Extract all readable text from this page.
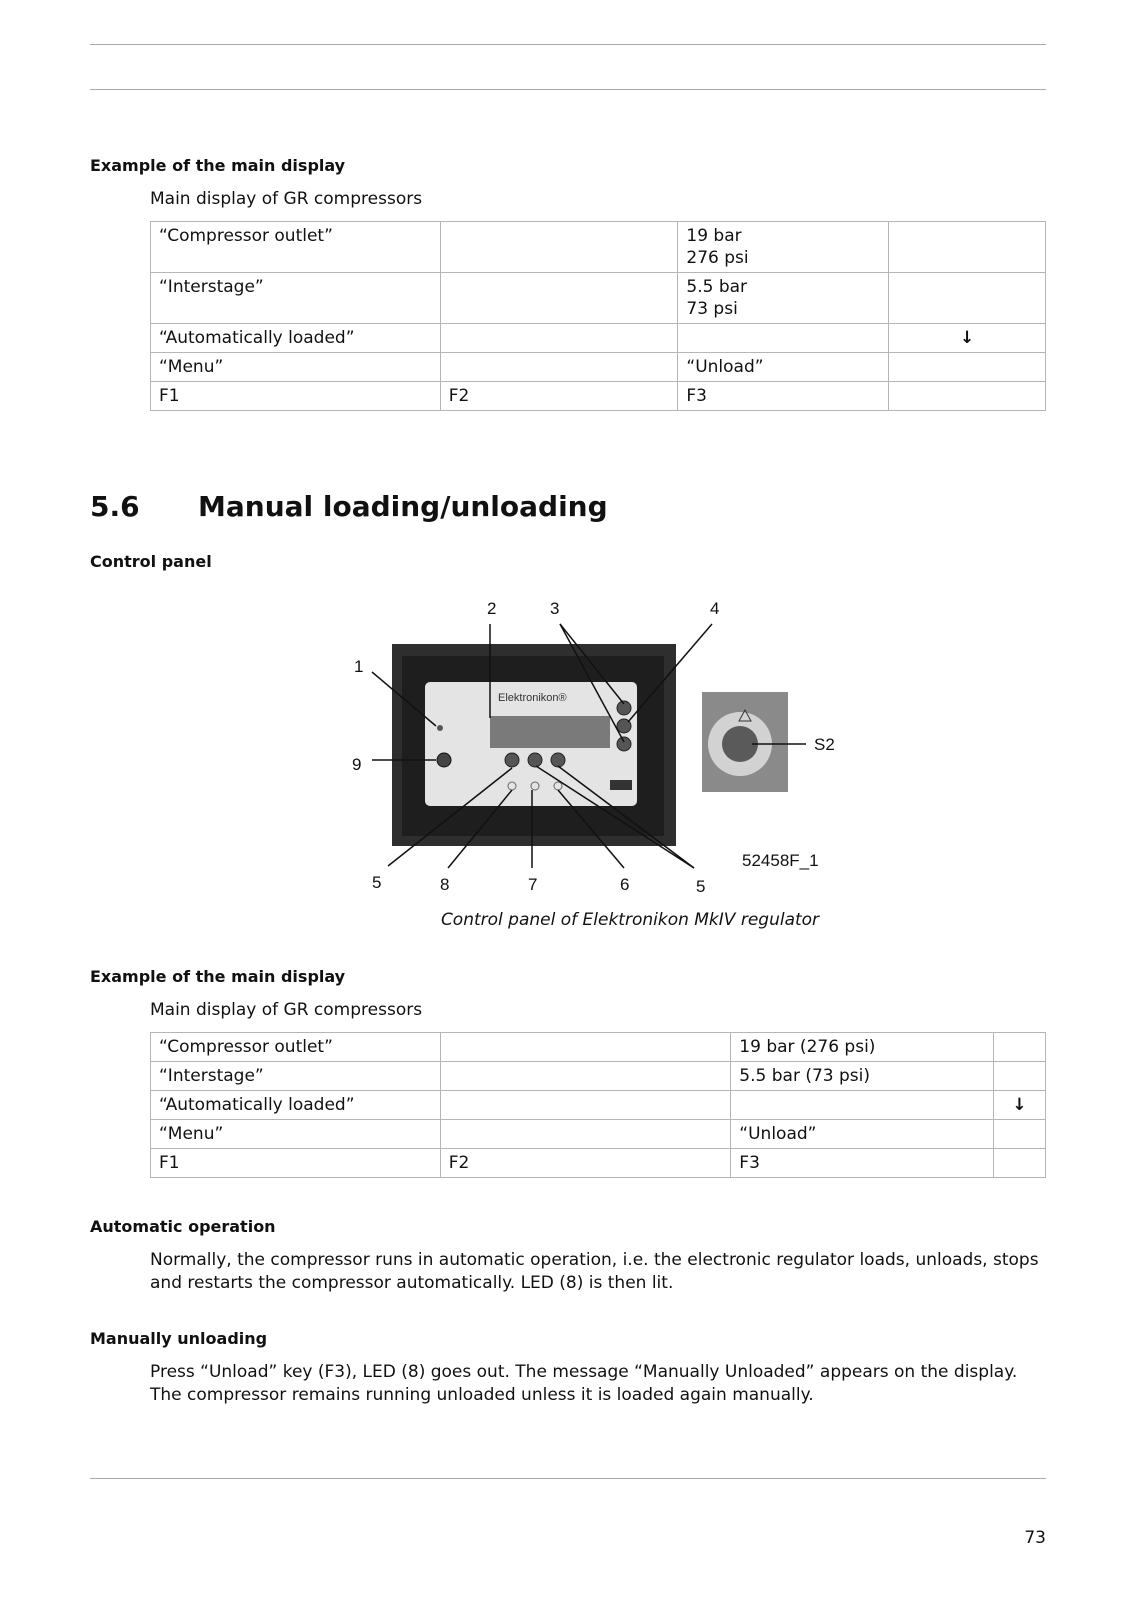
Example of the main display
Main display of GR compressors
“Compressor outlet”		19 bar
276 psi	
“Interstage”		5.5 bar
73 psi	
“Automatically loaded”			↓
“Menu”		“Unload”	
F1	F2	F3	
5.6 Manual loading/unloading
Control panel
Elektronikon®
2	3	4
1
9
S2
5	8	7	6	5
52458F_1
Control panel of Elektronikon MkIV regulator
Example of the main display
Main display of GR compressors
“Compressor outlet”		19 bar (276 psi)	
“Interstage”		5.5 bar (73 psi)	
“Automatically loaded”			↓
“Menu”		“Unload”	
F1	F2	F3	
Automatic operation
Normally, the compressor runs in automatic operation, i.e. the electronic regulator loads, unloads, stops and restarts the compressor automatically. LED (8) is then lit.
Manually unloading
Press “Unload” key (F3), LED (8) goes out. The message “Manually Unloaded” appears on the display. The compressor remains running unloaded unless it is loaded again manually.
73
